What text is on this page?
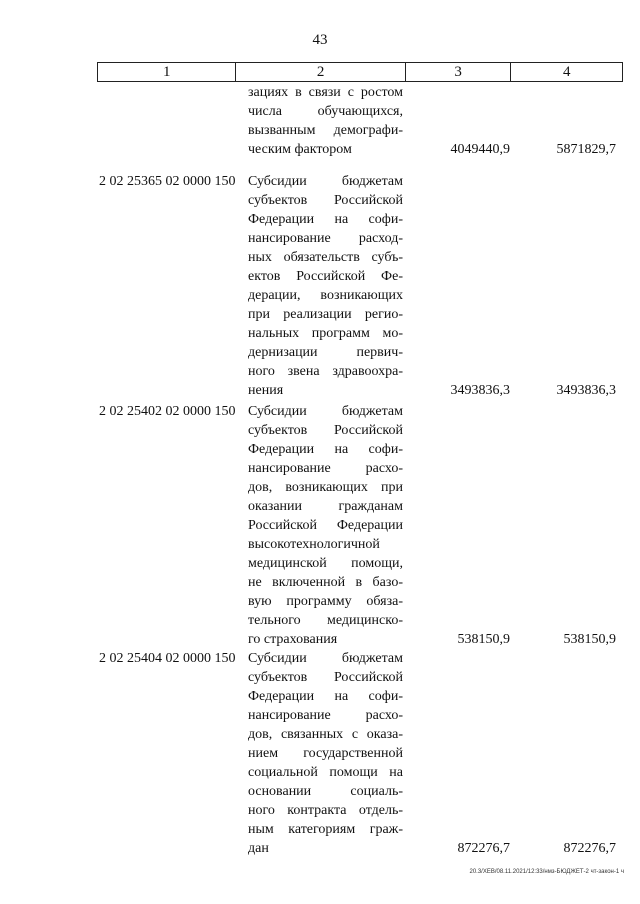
43
1	2	3	4
зациях в связи с ростом
числа обучающихся,
вызванным демографи-
ческим фактором	4049440,9	5871829,7
2 02 25365 02 0000 150 Субсидии бюджетам
субъектов Российской
Федерации на софи-
нансирование расход-
ных обязательств субъ-
ектов Российской Фе-
дерации, возникающих
при реализации регио-
нальных программ мо-
дернизации первич-
ного звена здравоохра-
нения	3493836,3	3493836,3
2 02 25402 02 0000 150 Субсидии бюджетам
субъектов Российской
Федерации на софи-
нансирование расхо-
дов, возникающих при
оказании гражданам
Российской Федерации
высокотехнологичной
медицинской помощи,
не включенной в базо-
вую программу обяза-
тельного медицинско-
го страхования	538150,9	538150,9
2 02 25404 02 0000 150 Субсидии бюджетам
субъектов Российской
Федерации на софи-
нансирование расхо-
дов, связанных с оказа-
нием государственной
социальной помощи на
основании социаль-
ного контракта отдель-
ным категориям граж-
дан	872276,7	872276,7
20.3/ХЕВ/08.11.2021/12:33/нмз-БЮДЖЕТ-2 чт-закон-1 ч
